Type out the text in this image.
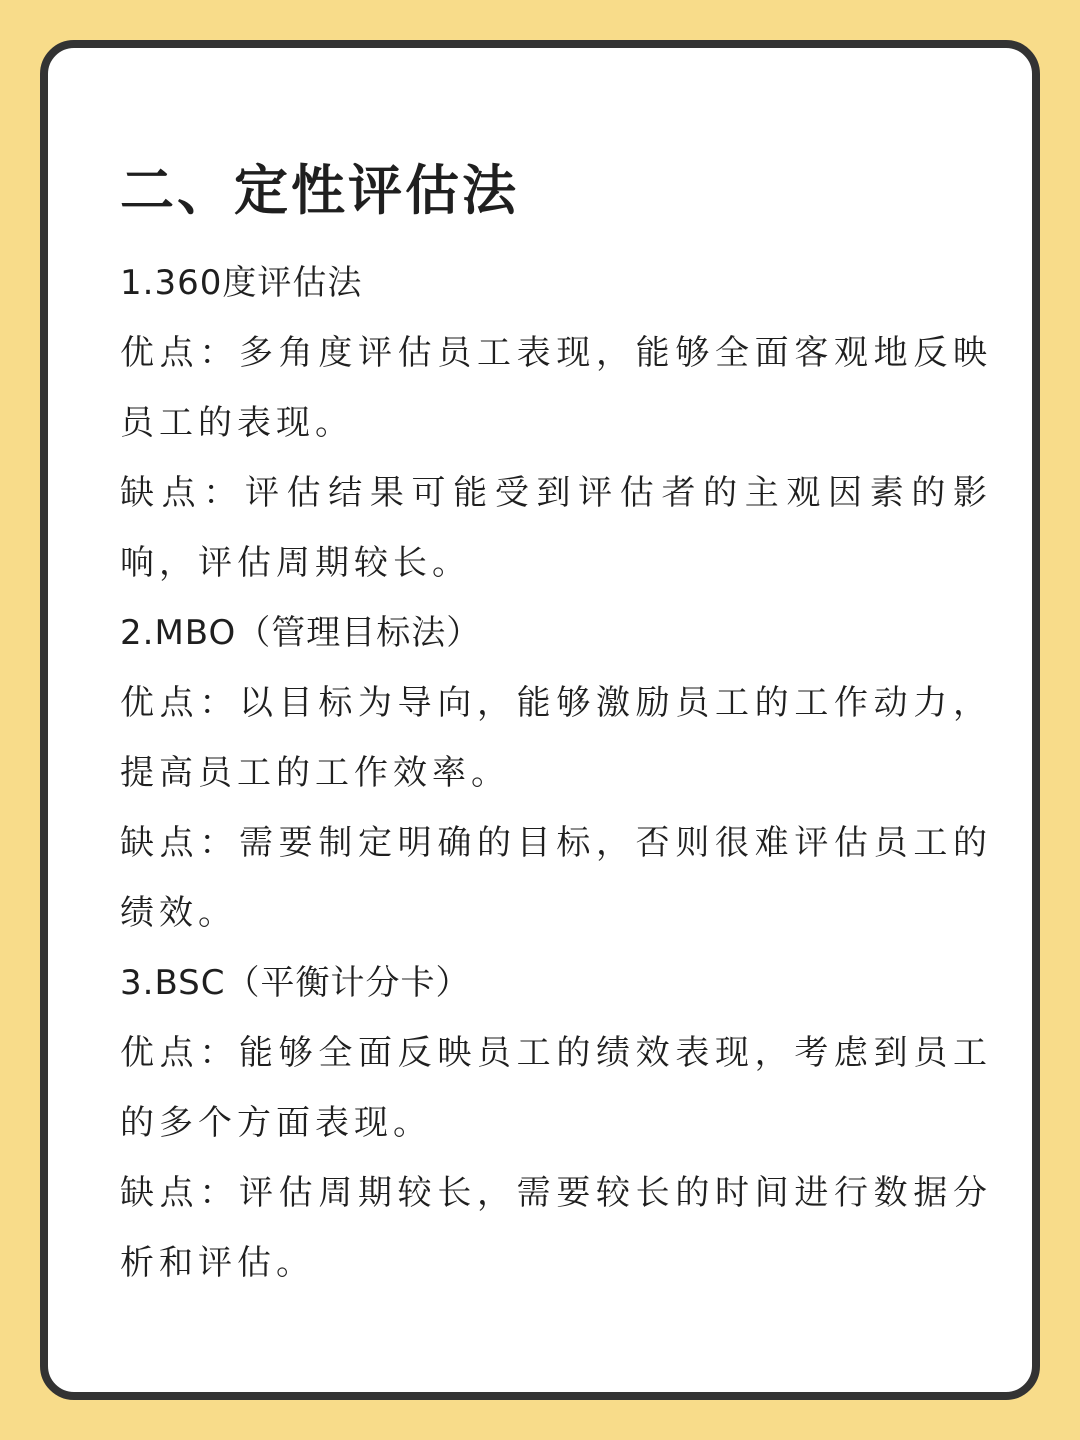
二、定性评估法

1.360度评估法

优点：多角度评估员工表现，能够全面客观地反映员工的表现。

缺点：评估结果可能受到评估者的主观因素的影响，评估周期较长。

2.MBO（管理目标法）

优点：以目标为导向，能够激励员工的工作动力，提高员工的工作效率。

缺点：需要制定明确的目标，否则很难评估员工的绩效。

3.BSC（平衡计分卡）

优点：能够全面反映员工的绩效表现，考虑到员工的多个方面表现。

缺点：评估周期较长，需要较长的时间进行数据分析和评估。
